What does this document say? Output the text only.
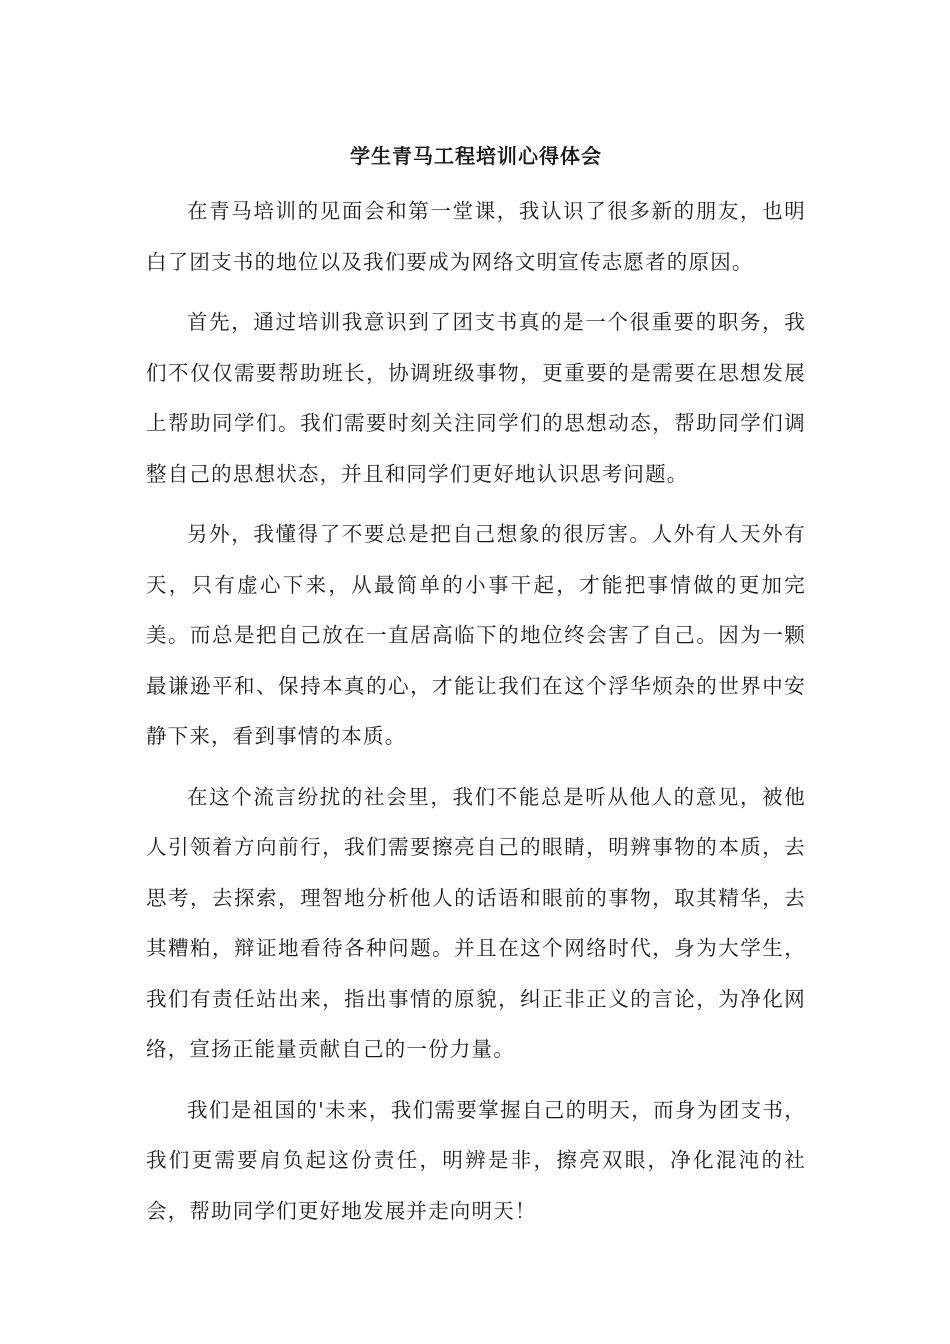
学生青马工程培训心得体会

在青马培训的见面会和第一堂课，我认识了很多新的朋友，也明白了团支书的地位以及我们要成为网络文明宣传志愿者的原因。

首先，通过培训我意识到了团支书真的是一个很重要的职务，我们不仅仅需要帮助班长，协调班级事物，更重要的是需要在思想发展上帮助同学们。我们需要时刻关注同学们的思想动态，帮助同学们调整自己的思想状态，并且和同学们更好地认识思考问题。

另外，我懂得了不要总是把自己想象的很厉害。人外有人天外有天，只有虚心下来，从最简单的小事干起，才能把事情做的更加完美。而总是把自己放在一直居高临下的地位终会害了自己。因为一颗最谦逊平和、保持本真的心，才能让我们在这个浮华烦杂的世界中安静下来，看到事情的本质。

在这个流言纷扰的社会里，我们不能总是听从他人的意见，被他人引领着方向前行，我们需要擦亮自己的眼睛，明辨事物的本质，去思考，去探索，理智地分析他人的话语和眼前的事物，取其精华，去其糟粕，辩证地看待各种问题。并且在这个网络时代，身为大学生，我们有责任站出来，指出事情的原貌，纠正非正义的言论，为净化网络，宣扬正能量贡献自己的一份力量。

我们是祖国的'未来，我们需要掌握自己的明天，而身为团支书，我们更需要肩负起这份责任，明辨是非，擦亮双眼，净化混沌的社会，帮助同学们更好地发展并走向明天！
